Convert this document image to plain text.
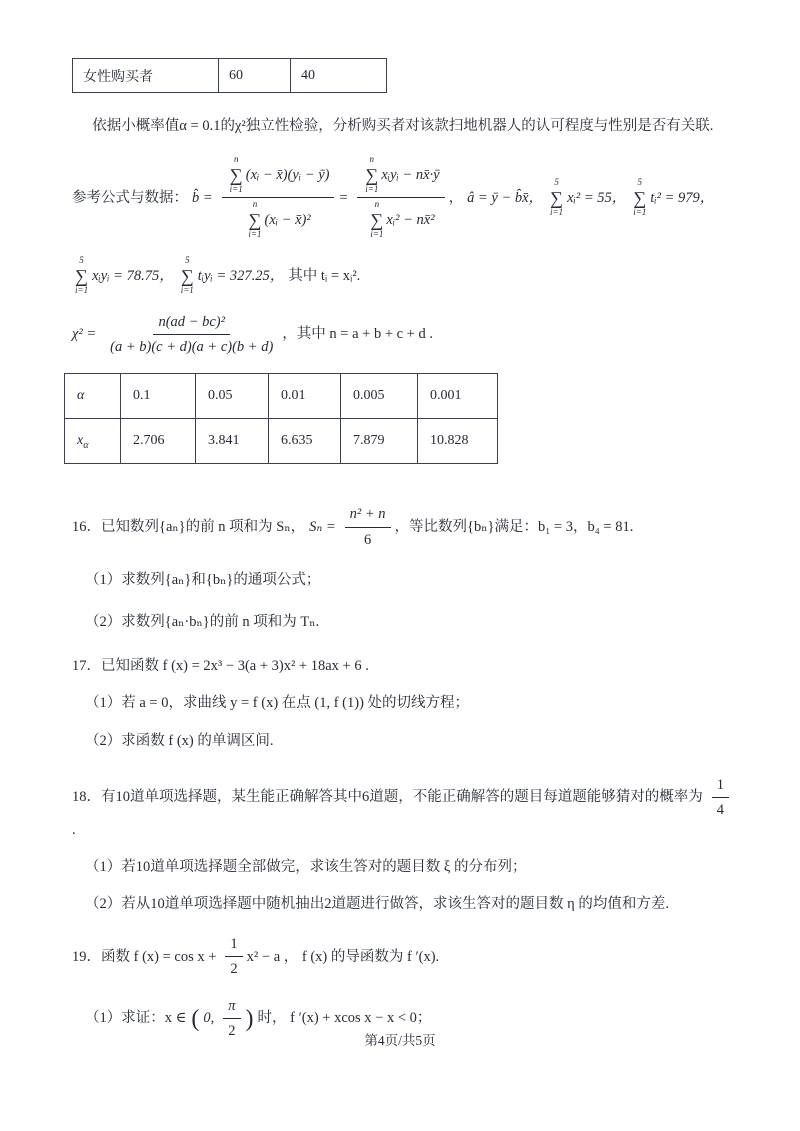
女性购买者	60	40

依据小概率值α = 0.1的χ²独立性检验，分析购买者对该款扫地机器人的认可程度与性别是否有关联.

参考公式与数据： b̂ =
n
∑
i=1
(xᵢ − x̄)(yᵢ − ȳ)
n
∑
i=1
(xᵢ − x̄)²
= n
∑
i=1
xᵢyᵢ − nx̄·ȳ
n
∑
i=1
xᵢ² − nx̄² ， â = ȳ − b̂x̄，
5
∑
i=1
xᵢ² = 55，
5
∑
i=1
tᵢ² = 979，
5
∑
i=1
xᵢyᵢ = 78.75，
5
∑
i=1
tᵢyᵢ = 327.25， 其中 tᵢ = xᵢ².
$\chi^2 = \frac{\text{n(ad − bc)²}}{(a + b)(c + d)(a + c)(b + d)}$ ，其中 n = a + b + c + d .
α	0.1	0.05	0.01	0.005	0.001
$x_\alpha$	2.706	3.841	6.635	7.879	10.828
16．已知数列{aₙ}的前 n 项和为 Sₙ， $S_n = \frac{\text{n² + n}}{6}$ ，等比数列{bₙ}满足：b₁ = 3，b₄ = 81.

（1）求数列{aₙ}和{bₙ}的通项公式；

（2）求数列{aₙ·bₙ}的前 n 项和为 Tₙ.

17．已知函数 f (x) = 2x³ − 3(a + 3)x² + 18ax + 6 .

（1）若 a = 0，求曲线 y = f (x) 在点 (1, f (1)) 处的切线方程；

（2）求函数 f (x) 的单调区间.

18．有10道单项选择题，某生能正确解答其中6道题，不能正确解答的题目每道题能够猜对的概率为 $\frac{1}{4}$
.

（1）若10道单项选择题全部做完，求该生答对的题目数 ξ 的分布列；

（2）若从10道单项选择题中随机抽出2道题进行做答，求该生答对的题目数 η 的均值和方差.

19．函数 f $(x) = \cos x + \frac{1}{2} x^2 - a$ ， f (x) 的导函数为 f ′(x).
（1）求证：x ∈ ( 0, $\frac{\pi}{2}$ ) 时， f ′(x) + xcos x − x < 0；
第4页/共5页
